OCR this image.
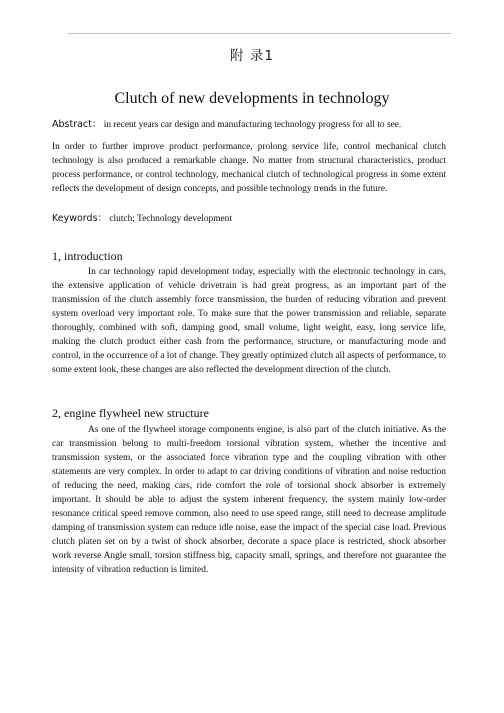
附 录1
Clutch of new developments in technology

Abstract： in recent years car design and manufacturing technology progress for all to see.

In order to further improve product performance, prolong service life, control mechanical clutch technology is also produced a remarkable change. No matter from structural characteristics, product process performance, or control technology, mechanical clutch of technological progress in some extent reflects the development of design concepts, and possible technology trends in the future.

Keywords： clutch; Technology development

1, introduction

In car technology rapid development today, especially with the electronic technology in cars, the extensive application of vehicle drivetrain is had great progress, as an important part of the transmission of the clutch assembly force transmission, the burden of reducing vibration and prevent system overload very important role. To make sure that the power transmission and reliable, separate thoroughly, combined with soft, damping good, small volume, light weight, easy, long service life, making the clutch product either cash from the performance, structure, or manufacturing mode and control, in the occurrence of a lot of change. They greatly optimized clutch all aspects of performance, to some extent look, these changes are also reflected the development direction of the clutch.

2, engine flywheel new structure

As one of the flywheel storage components engine, is also part of the clutch initiative. As the car transmission belong to multi-freedom torsional vibration system, whether the incentive and transmission system, or the associated force vibration type and the coupling vibration with other statements are very complex. In order to adapt to car driving conditions of vibration and noise reduction of reducing the need, making cars, ride comfort the role of torsional shock absorber is extremely important. It should be able to adjust the system inherent frequency, the system mainly low-order resonance critical speed remove common, also need to use speed range, still need to decrease amplitude damping of transmission system can reduce idle noise, ease the impact of the special case load. Previous clutch platen set on by a twist of shock absorber, decorate a space place is restricted, shock absorber work reverse Angle small, torsion stiffness big, capacity small, springs, and therefore not guarantee the intensity of vibration reduction is limited.
